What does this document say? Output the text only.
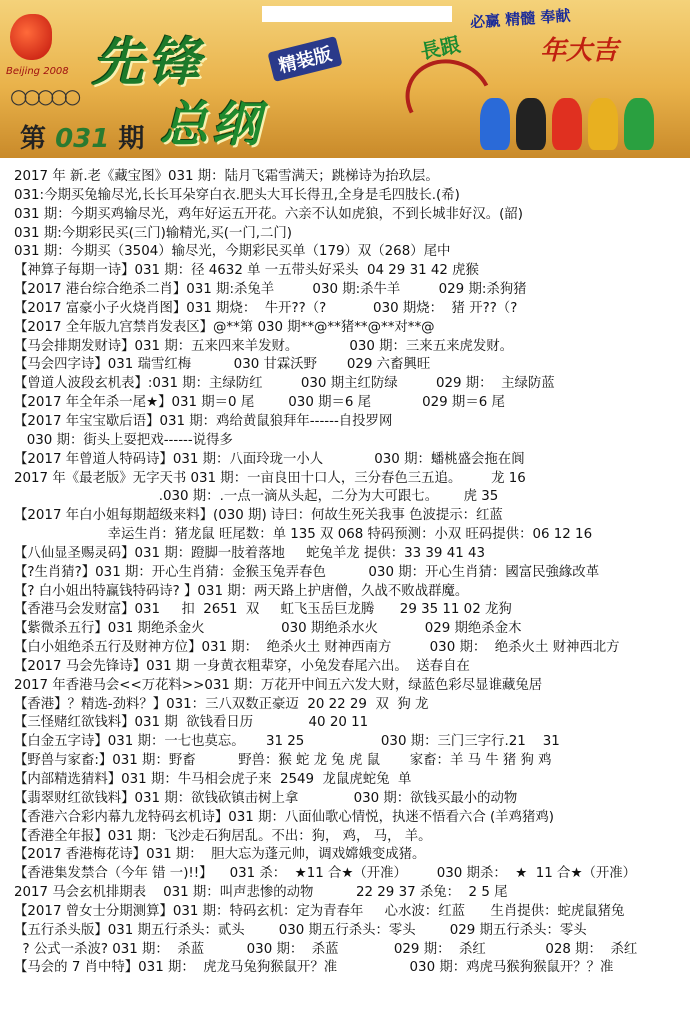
Beijing 2008
○○○○○
先锋	精装版
总纲
第 031 期
必赢 精髓 奉献
長跟	年大吉
2017 年 新.老《藏宝图》031 期：陆月飞霜雪满天；跳梯诗为抬玖层。
031:今期买兔输尽光,长长耳朵穿白衣.肥头大耳长得丑,全身是毛四肢长.(希)
031 期：今期买鸡输尽光，鸡年好运五开花。六亲不认如虎狼，不到长城非好汉。(韶)
031 期:今期彩民买(三门)输精光,买(一门,二门)
031 期：今期买（3504）输尽光，今期彩民买单（179）双（268）尾中
【神算子每期一诗】031 期：径 4632 单 一五带头好采头  04 29 31 42 虎猴
【2017 港台综合绝杀二肖】031 期:杀兔羊         030 期:杀牛羊         029 期:杀狗猪
【2017 富豪小子火烧肖图】031 期烧：  牛开??（?           030 期烧：  猪 开??（?
【2017 全年版九宫禁肖发表区】@**第 030 期**@**猪**@**对**@
【马会排期发财诗】031 期：五来四来羊发财。            030 期：三来五来虎发财。
【马会四字诗】031 瑞雪红梅          030 甘霖沃野       029 六畜興旺
【曾道人波段玄机表】:031 期：主绿防红         030 期主红防绿         029 期：  主绿防蓝
【2017 年全年杀一尾★】031 期＝0 尾        030 期＝6 尾            029 期＝6 尾
【2017 年宝宝歇后语】031 期：鸡给黄鼠狼拜年------自投罗网
030 期：街头上耍把戏------说得多
【2017 年曾道人特码诗】031 期：八面玲珑一小人            030 期：蟠桃盛会拖在阆
2017 年《最老版》无字天书 031 期：一亩良田十口人，三分春色三五追。       龙 16
.030 期：.一点一滴从头起，二分为大可跟七。      虎 35
【2017 年白小姐每期超级来料】(030 期) 诗曰：何故生死关我事 色波提示：红蓝
幸运生肖：猪龙鼠 旺尾数：单 135 双 068 特码预测：小双 旺码提供：06 12 16
【八仙显圣赐灵码】031 期：蹬脚一肢着落地     蛇兔羊龙 提供：33 39 41 43
【?生肖猜?】031 期：开心生肖猜：金猴玉兔弄春色          030 期：开心生肖猜：國富民強緣改革
【? 白小姐出特赢钱特码诗? 】031 期：两天路上护唐僧，久战不败战群魔。
【香港马会发财富】031     扣  2651  双     虹飞玉岳巨龙腾      29 35 11 02 龙狗
【紫微杀五行】031 期绝杀金火                  030 期绝杀水火           029 期绝杀金木
【白小姐绝杀五行及财神方位】031 期：  绝杀火土 财神西南方         030 期：  绝杀火土 财神西北方
【2017 马会先锋诗】031 期 一身黄衣粗辈穿，小兔发春尾六出。  送春自在
2017 年香港马会<<万花料>>031 期：万花开中间五六发大财，绿蓝色彩尽显谁藏兔居
【香港】？精选-劲料？】031：三八双数正豪迈  20 22 29  双  狗 龙
【三怪赌红欲钱料】031 期  欲钱看日历             40 20 11
【白金五字诗】031 期：一七也莫忘。     31 25                  030 期：三门三字行.21    31
【野兽与家畜:】031 期：野畜          野兽：猴 蛇 龙 兔 虎 鼠       家畜：羊 马 牛 猪 狗 鸡
【内部精选猜料】031 期：牛马相会虎子来  2549  龙鼠虎蛇兔  单
【翡翠财红欲钱料】031 期：欲钱砍镇击树上拿             030 期：欲钱买最小的动物
【香港六合彩内幕九龙特码玄机诗】031 期：八面仙歌心情悦，执迷不悟看六合 (羊鸡猪鸡)
【香港全年报】031 期：飞沙走石狗居乱。不出：狗， 鸡， 马， 羊。
【2017 香港梅花诗】031 期：  胆大忘为蓬元帅，调戏嫦娥变成猪。
【香港集发禁合（今年 错 一)!!】    031 杀：  ★11 合★（开准）       030 期杀：  ★  11 合★（开准）
2017 马会玄机排期表    031 期：叫声悲惨的动物          22 29 37 杀兔：  2 5 尾
【2017 曾女士分期测算】031 期：特码玄机：定为青春年     心水波：红蓝      生肖提供：蛇虎鼠猪兔
【五行杀头版】031 期五行杀头：贰头        030 期五行杀头：零头        029 期五行杀头：零头
? 公式一杀波? 031 期：  杀蓝          030 期：  杀蓝             029 期：  杀红              028 期：  杀红
【马会的 7 肖中特】031 期：  虎龙马兔狗猴鼠开？准                 030 期：鸡虎马猴狗猴鼠开？？准
